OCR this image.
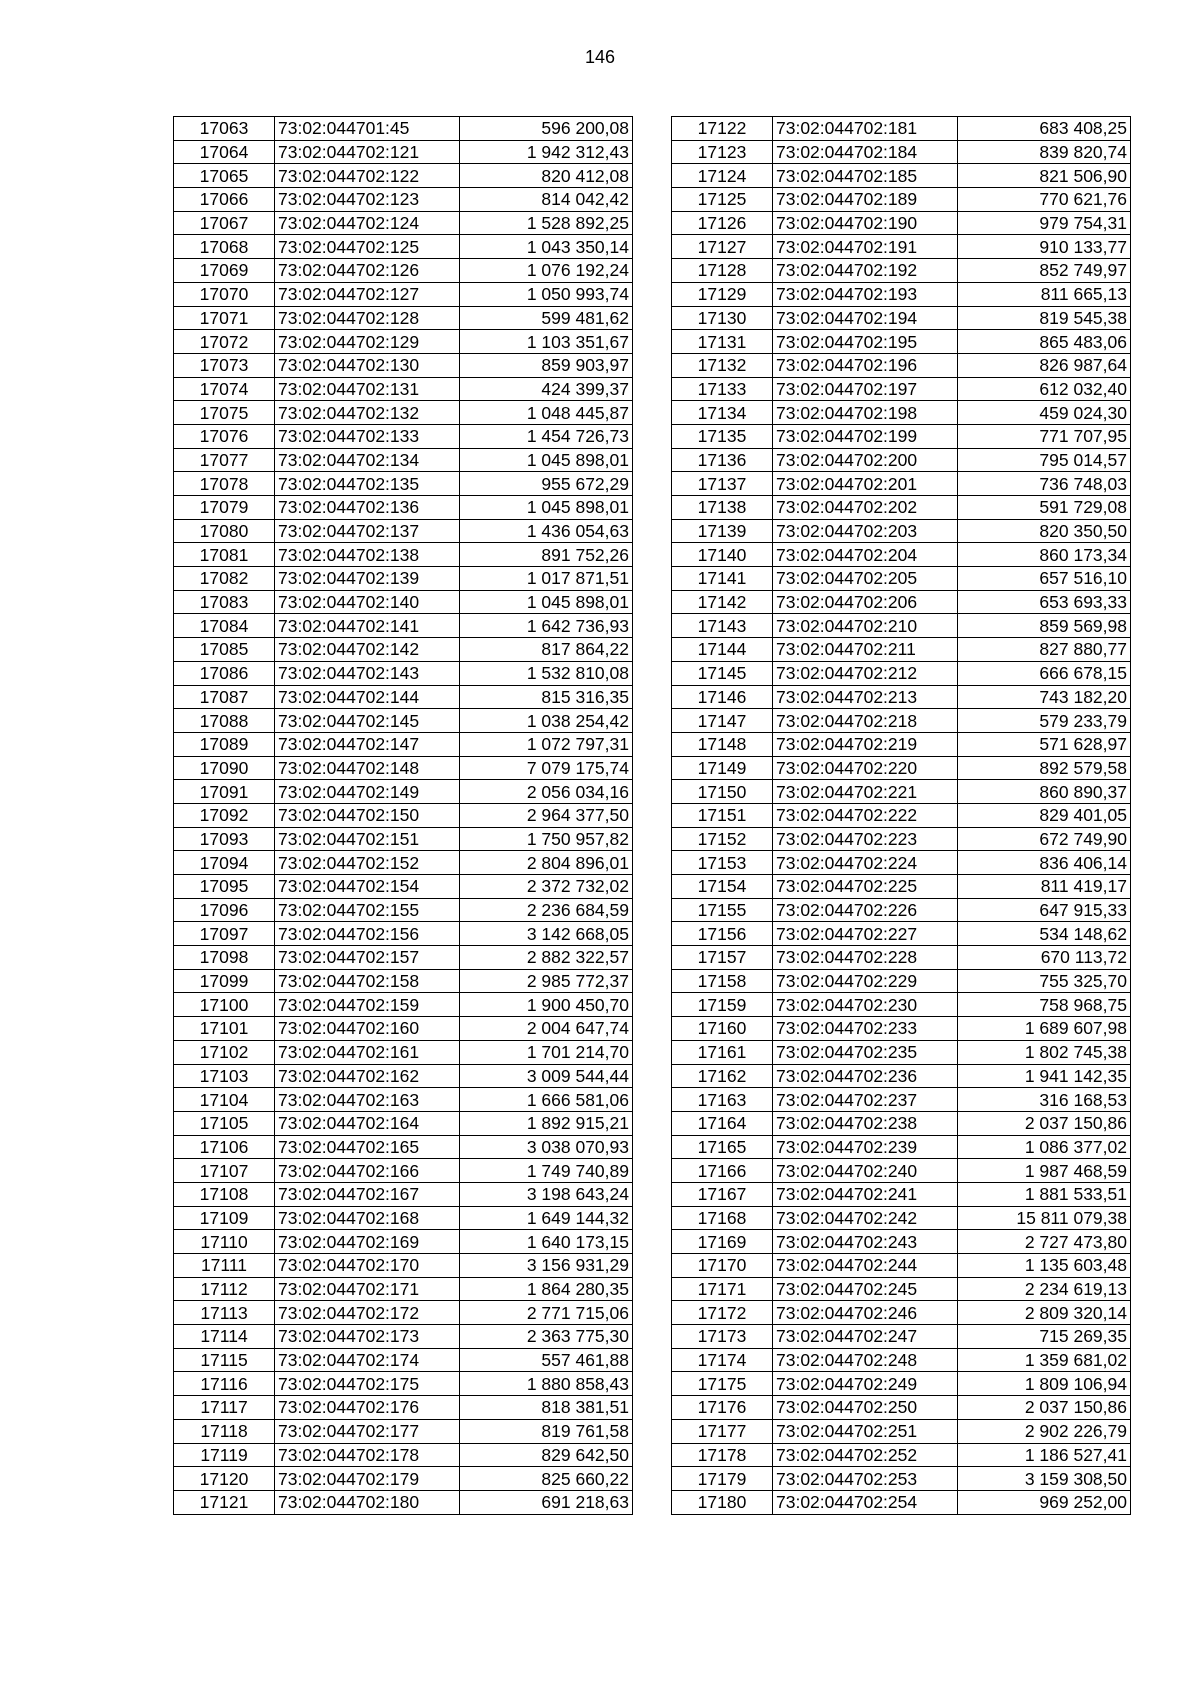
146
17063	73:02:044701:45	596 200,08
17064	73:02:044702:121	1 942 312,43
17065	73:02:044702:122	820 412,08
17066	73:02:044702:123	814 042,42
17067	73:02:044702:124	1 528 892,25
17068	73:02:044702:125	1 043 350,14
17069	73:02:044702:126	1 076 192,24
17070	73:02:044702:127	1 050 993,74
17071	73:02:044702:128	599 481,62
17072	73:02:044702:129	1 103 351,67
17073	73:02:044702:130	859 903,97
17074	73:02:044702:131	424 399,37
17075	73:02:044702:132	1 048 445,87
17076	73:02:044702:133	1 454 726,73
17077	73:02:044702:134	1 045 898,01
17078	73:02:044702:135	955 672,29
17079	73:02:044702:136	1 045 898,01
17080	73:02:044702:137	1 436 054,63
17081	73:02:044702:138	891 752,26
17082	73:02:044702:139	1 017 871,51
17083	73:02:044702:140	1 045 898,01
17084	73:02:044702:141	1 642 736,93
17085	73:02:044702:142	817 864,22
17086	73:02:044702:143	1 532 810,08
17087	73:02:044702:144	815 316,35
17088	73:02:044702:145	1 038 254,42
17089	73:02:044702:147	1 072 797,31
17090	73:02:044702:148	7 079 175,74
17091	73:02:044702:149	2 056 034,16
17092	73:02:044702:150	2 964 377,50
17093	73:02:044702:151	1 750 957,82
17094	73:02:044702:152	2 804 896,01
17095	73:02:044702:154	2 372 732,02
17096	73:02:044702:155	2 236 684,59
17097	73:02:044702:156	3 142 668,05
17098	73:02:044702:157	2 882 322,57
17099	73:02:044702:158	2 985 772,37
17100	73:02:044702:159	1 900 450,70
17101	73:02:044702:160	2 004 647,74
17102	73:02:044702:161	1 701 214,70
17103	73:02:044702:162	3 009 544,44
17104	73:02:044702:163	1 666 581,06
17105	73:02:044702:164	1 892 915,21
17106	73:02:044702:165	3 038 070,93
17107	73:02:044702:166	1 749 740,89
17108	73:02:044702:167	3 198 643,24
17109	73:02:044702:168	1 649 144,32
17110	73:02:044702:169	1 640 173,15
17111	73:02:044702:170	3 156 931,29
17112	73:02:044702:171	1 864 280,35
17113	73:02:044702:172	2 771 715,06
17114	73:02:044702:173	2 363 775,30
17115	73:02:044702:174	557 461,88
17116	73:02:044702:175	1 880 858,43
17117	73:02:044702:176	818 381,51
17118	73:02:044702:177	819 761,58
17119	73:02:044702:178	829 642,50
17120	73:02:044702:179	825 660,22
17121	73:02:044702:180	691 218,63
17122	73:02:044702:181	683 408,25
17123	73:02:044702:184	839 820,74
17124	73:02:044702:185	821 506,90
17125	73:02:044702:189	770 621,76
17126	73:02:044702:190	979 754,31
17127	73:02:044702:191	910 133,77
17128	73:02:044702:192	852 749,97
17129	73:02:044702:193	811 665,13
17130	73:02:044702:194	819 545,38
17131	73:02:044702:195	865 483,06
17132	73:02:044702:196	826 987,64
17133	73:02:044702:197	612 032,40
17134	73:02:044702:198	459 024,30
17135	73:02:044702:199	771 707,95
17136	73:02:044702:200	795 014,57
17137	73:02:044702:201	736 748,03
17138	73:02:044702:202	591 729,08
17139	73:02:044702:203	820 350,50
17140	73:02:044702:204	860 173,34
17141	73:02:044702:205	657 516,10
17142	73:02:044702:206	653 693,33
17143	73:02:044702:210	859 569,98
17144	73:02:044702:211	827 880,77
17145	73:02:044702:212	666 678,15
17146	73:02:044702:213	743 182,20
17147	73:02:044702:218	579 233,79
17148	73:02:044702:219	571 628,97
17149	73:02:044702:220	892 579,58
17150	73:02:044702:221	860 890,37
17151	73:02:044702:222	829 401,05
17152	73:02:044702:223	672 749,90
17153	73:02:044702:224	836 406,14
17154	73:02:044702:225	811 419,17
17155	73:02:044702:226	647 915,33
17156	73:02:044702:227	534 148,62
17157	73:02:044702:228	670 113,72
17158	73:02:044702:229	755 325,70
17159	73:02:044702:230	758 968,75
17160	73:02:044702:233	1 689 607,98
17161	73:02:044702:235	1 802 745,38
17162	73:02:044702:236	1 941 142,35
17163	73:02:044702:237	316 168,53
17164	73:02:044702:238	2 037 150,86
17165	73:02:044702:239	1 086 377,02
17166	73:02:044702:240	1 987 468,59
17167	73:02:044702:241	1 881 533,51
17168	73:02:044702:242	15 811 079,38
17169	73:02:044702:243	2 727 473,80
17170	73:02:044702:244	1 135 603,48
17171	73:02:044702:245	2 234 619,13
17172	73:02:044702:246	2 809 320,14
17173	73:02:044702:247	715 269,35
17174	73:02:044702:248	1 359 681,02
17175	73:02:044702:249	1 809 106,94
17176	73:02:044702:250	2 037 150,86
17177	73:02:044702:251	2 902 226,79
17178	73:02:044702:252	1 186 527,41
17179	73:02:044702:253	3 159 308,50
17180	73:02:044702:254	969 252,00
